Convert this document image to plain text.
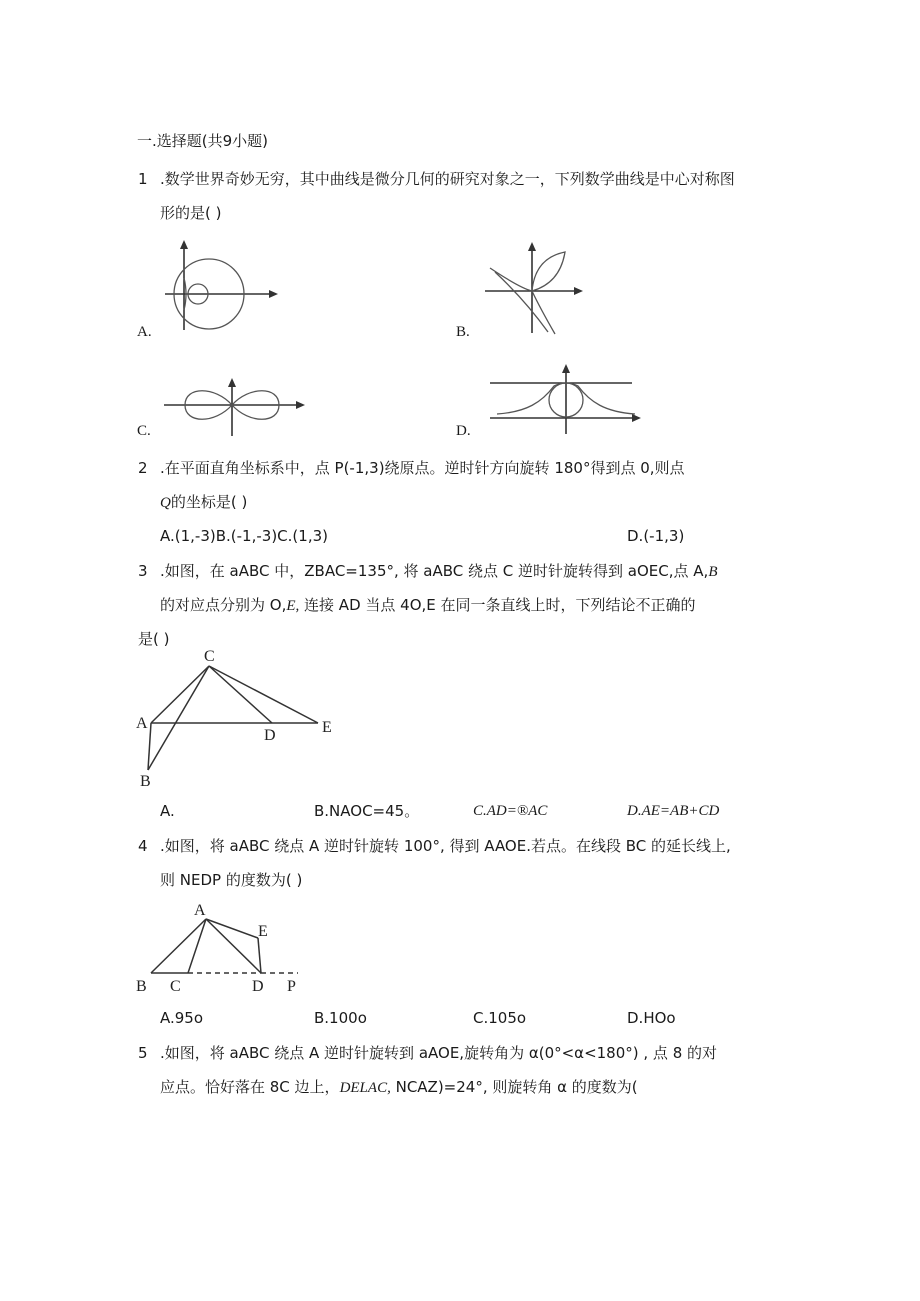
一.选择题(共9小题)
1 .数学世界奇妙无穷，其中曲线是微分几何的研究对象之一，下列数学曲线是中心对称图
形的是( )
A.	B.
C.	D.
2 .在平面直角坐标系中，点 P(-1,3)绕原点。逆时针方向旋转 180°得到点 0,则点
Q的坐标是( )
A.(1,-3)B.(-1,-3)C.(1,3)	D.(-1,3)
3 .如图，在 aABC 中，ZBAC=135°, 将 aABC 绕点 C 逆时针旋转得到 aOEC,点 A,B
的对应点分别为 O,E, 连接 AD 当点 4O,E 在同一条直线上时，下列结论不正确的
是( )
C
A
D	E
B
A.	B.NAOC=45。	C.AD=®AC	D.AE=AB+CD
4 .如图，将 aABC 绕点 A 逆时针旋转 100°, 得到 AAOE.若点。在线段 BC 的延长线上,
则 NEDP 的度数为( )
A
E
B C	D P
A.95o	B.100o	C.105o	D.HOo
5 .如图，将 aABC 绕点 A 逆时针旋转到 aAOE,旋转角为 α(0°<α<180°) , 点 8 的对
应点。恰好落在 8C 边上，DELAC, NCAZ)=24°, 则旋转角 α 的度数为(
